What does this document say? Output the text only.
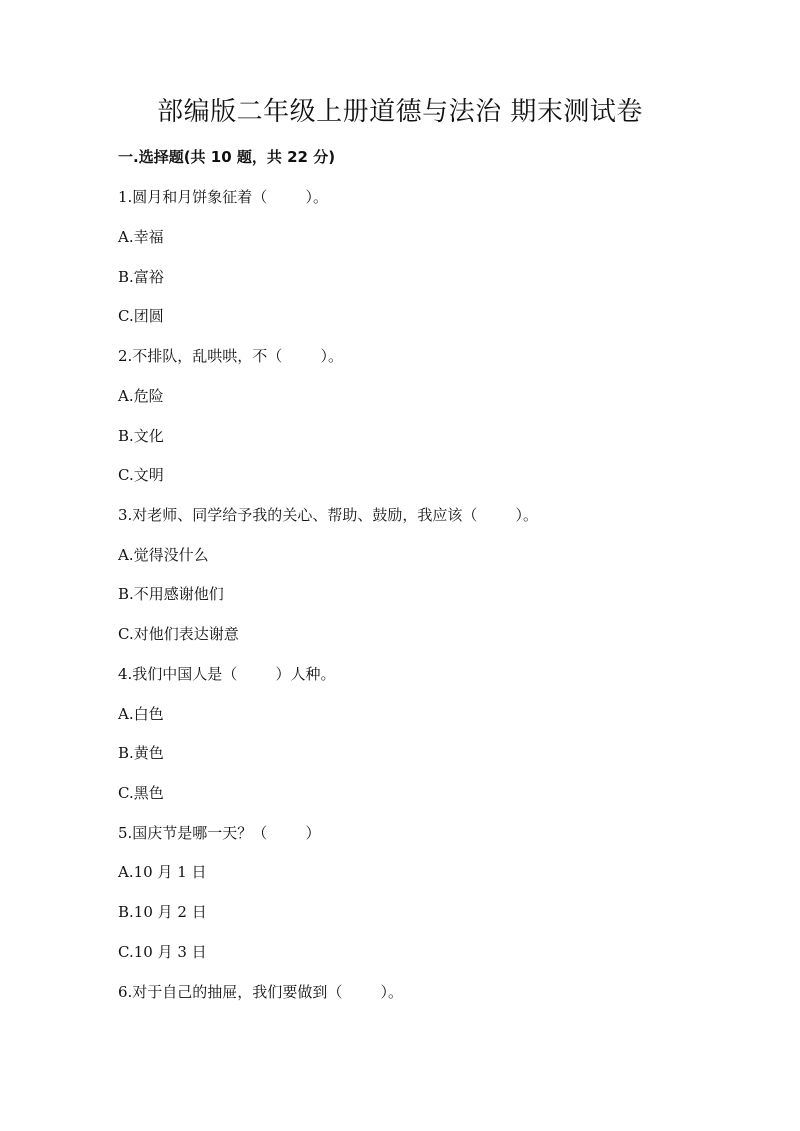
部编版二年级上册道德与法治 期末测试卷
一.选择题(共 10 题，共 22 分)
1.圆月和月饼象征着（        ）。
A.幸福
B.富裕
C.团圆
2.不排队，乱哄哄，不（        ）。
A.危险
B.文化
C.文明
3.对老师、同学给予我的关心、帮助、鼓励，我应该（        ）。
A.觉得没什么
B.不用感谢他们
C.对他们表达谢意
4.我们中国人是（        ）人种。
A.白色
B.黄色
C.黑色
5.国庆节是哪一天？（        ）
A.10 月 1 日
B.10 月 2 日
C.10 月 3 日
6.对于自己的抽屉，我们要做到（        ）。
